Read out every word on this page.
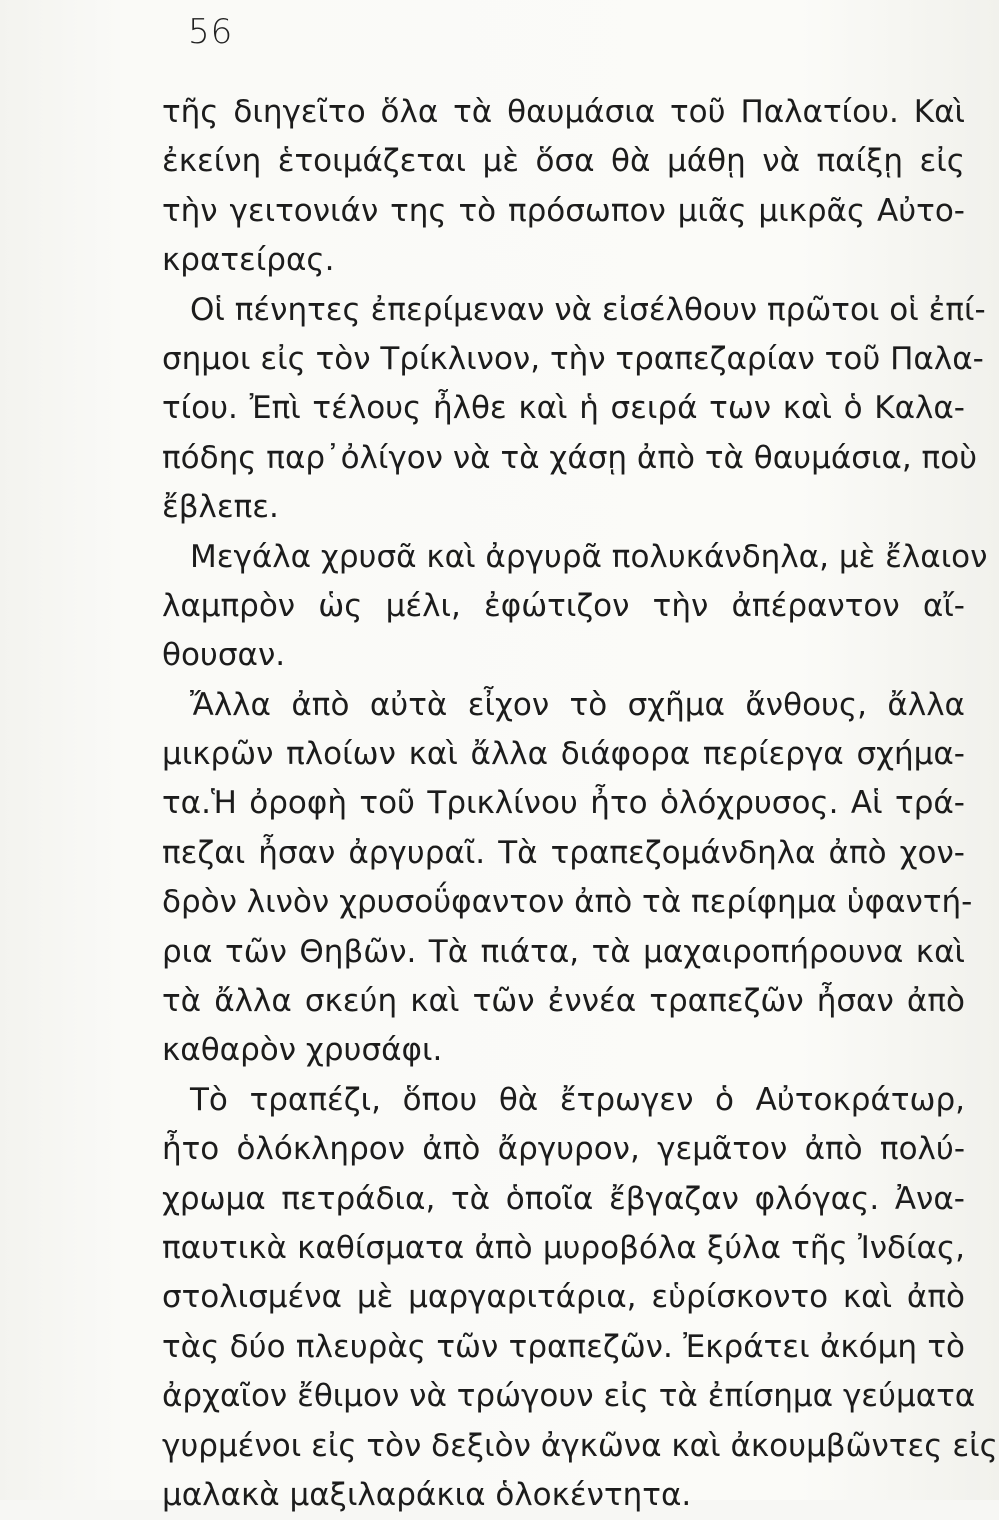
56
τῆς διηγεῖτο ὅλα τὰ θαυμάσια τοῦ Παλατίου. Καὶ
ἐκείνη ἑτοιμάζεται μὲ ὅσα θὰ μάθῃ νὰ παίξῃ εἰς
τὴν γειτονιάν της τὸ πρόσωπον μιᾶς μικρᾶς Αὐτο-
κρατείρας.
Οἱ πένητες ἐπερίμεναν νὰ εἰσέλθουν πρῶτοι οἱ ἐπί-
σημοι εἰς τὸν Τρίκλινον, τὴν τραπεζαρίαν τοῦ Παλα-
τίου. Ἐπὶ τέλους ἦλθε καὶ ἡ σειρά των καὶ ὁ Καλα-
πόδης παρ᾽ὀλίγον νὰ τὰ χάσῃ ἀπὸ τὰ θαυμάσια, ποὺ
ἔβλεπε.
Μεγάλα χρυσᾶ καὶ ἀργυρᾶ πολυκάνδηλα, μὲ ἔλαιον
λαμπρὸν ὡς μέλι, ἐφώτιζον τὴν ἀπέραντον αἴ-
θουσαν.
Ἄλλα ἀπὸ αὐτὰ εἶχον τὸ σχῆμα ἄνθους, ἄλλα
μικρῶν πλοίων καὶ ἄλλα διάφορα περίεργα σχήμα-
τα.Ἡ ὀροφὴ τοῦ Τρικλίνου ἦτο ὁλόχρυσος. Αἱ τρά-
πεζαι ἦσαν ἀργυραῖ. Τὰ τραπεζομάνδηλα ἀπὸ χον-
δρὸν λινὸν χρυσοΰφαντον ἀπὸ τὰ περίφημα ὑφαντή-
ρια τῶν Θηβῶν. Τὰ πιάτα, τὰ μαχαιροπήρουνα καὶ
τὰ ἄλλα σκεύη καὶ τῶν ἐννέα τραπεζῶν ἦσαν ἀπὸ
καθαρὸν χρυσάφι.
Τὸ τραπέζι, ὅπου θὰ ἔτρωγεν ὁ Αὐτοκράτωρ,
ἦτο ὁλόκληρον ἀπὸ ἄργυρον, γεμᾶτον ἀπὸ πολύ-
χρωμα πετράδια, τὰ ὁποῖα ἔβγαζαν φλόγας. Ἀνα-
παυτικὰ καθίσματα ἀπὸ μυροβόλα ξύλα τῆς Ἰνδίας,
στολισμένα μὲ μαργαριτάρια, εὑρίσκοντο καὶ ἀπὸ
τὰς δύο πλευρὰς τῶν τραπεζῶν. Ἐκράτει ἀκόμη τὸ
ἀρχαῖον ἔθιμον νὰ τρώγουν εἰς τὰ ἐπίσημα γεύματα
γυρμένοι εἰς τὸν δεξιὸν ἀγκῶνα καὶ ἀκουμβῶντες εἰς
μαλακὰ μαξιλαράκια ὁλοκέντητα.
